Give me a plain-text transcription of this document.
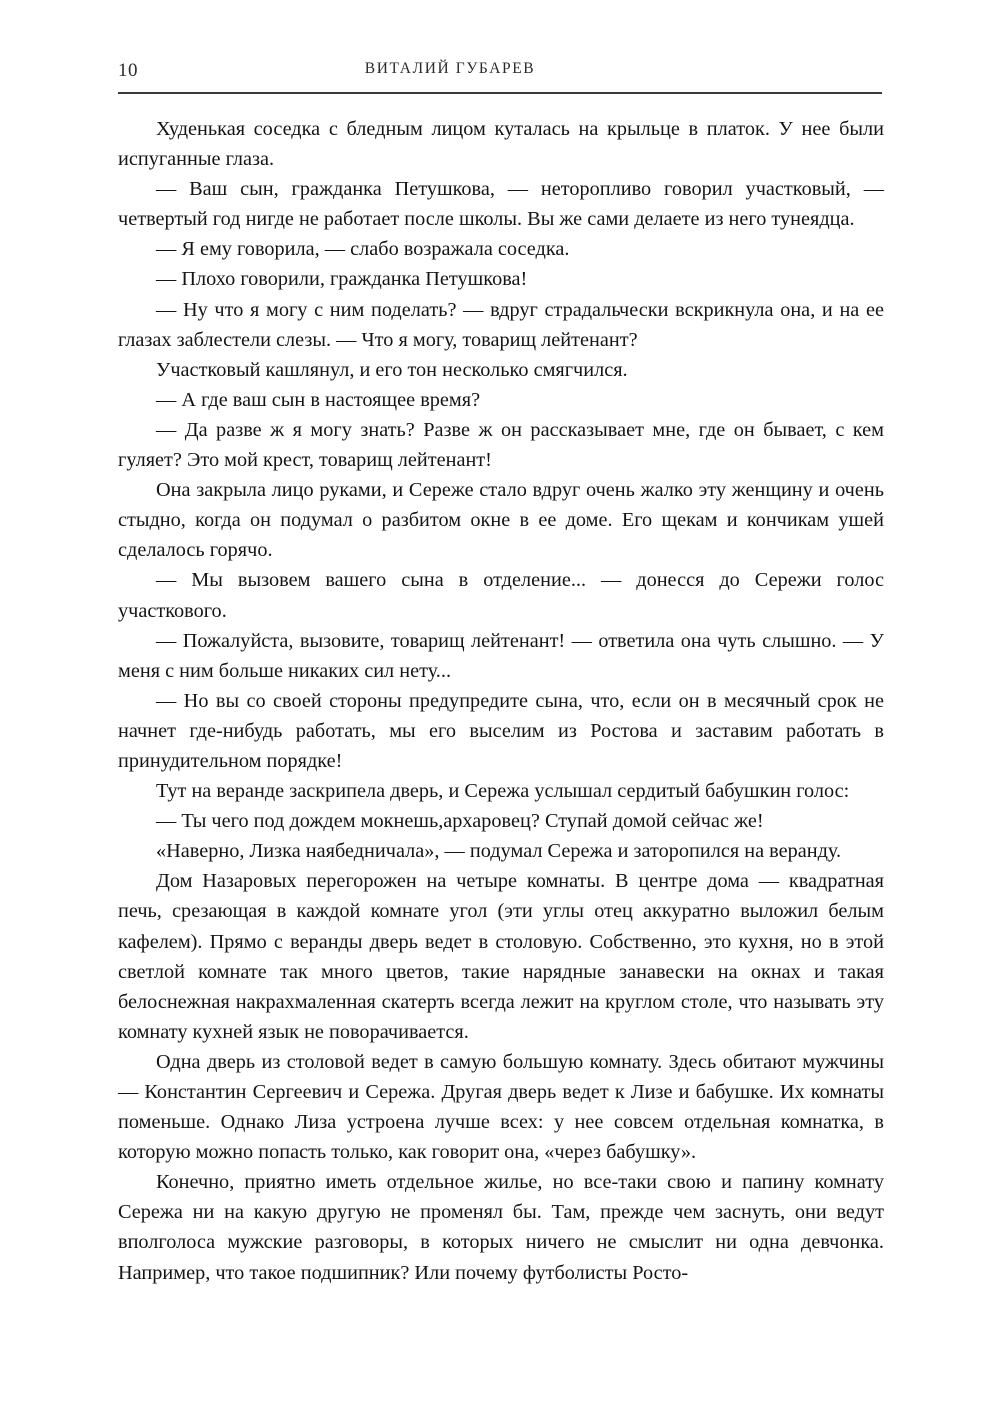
10	ВИТАЛИЙ ГУБАРЕВ

Худенькая соседка с бледным лицом куталась на крыльце в платок. У нее были испуганные глаза.

— Ваш сын, гражданка Петушкова, — неторопливо говорил участковый, — четвертый год нигде не работает после школы. Вы же сами делаете из него тунеядца.

— Я ему говорила, — слабо возражала соседка.

— Плохо говорили, гражданка Петушкова!

— Ну что я могу с ним поделать? — вдруг страдальчески вскрикнула она, и на ее глазах заблестели слезы. — Что я могу, товарищ лейтенант?

Участковый кашлянул, и его тон несколько смягчился.

— А где ваш сын в настоящее время?

— Да разве ж я могу знать? Разве ж он рассказывает мне, где он бывает, с кем гуляет? Это мой крест, товарищ лейтенант!

Она закрыла лицо руками, и Сереже стало вдруг очень жалко эту женщину и очень стыдно, когда он подумал о разбитом окне в ее доме. Его щекам и кончикам ушей сделалось горячо.

— Мы вызовем вашего сына в отделение... — донесся до Сережи голос участкового.

— Пожалуйста, вызовите, товарищ лейтенант! — ответила она чуть слышно. — У меня с ним больше никаких сил нету...

— Но вы со своей стороны предупредите сына, что, если он в месячный срок не начнет где-нибудь работать, мы его выселим из Ростова и заставим работать в принудительном порядке!

Тут на веранде заскрипела дверь, и Сережа услышал сердитый бабушкин голос:

— Ты чего под дождем мокнешь,архаровец? Ступай домой сейчас же!

«Наверно, Лизка наябедничала», — подумал Сережа и заторопился на веранду.

Дом Назаровых перегорожен на четыре комнаты. В центре дома — квадратная печь, срезающая в каждой комнате угол (эти углы отец аккуратно выложил белым кафелем). Прямо с веранды дверь ведет в столовую. Собственно, это кухня, но в этой светлой комнате так много цветов, такие нарядные занавески на окнах и такая белоснежная накрахмаленная скатерть всегда лежит на круглом столе, что называть эту комнату кухней язык не поворачивается.

Одна дверь из столовой ведет в самую большую комнату. Здесь обитают мужчины — Константин Сергеевич и Сережа. Другая дверь ведет к Лизе и бабушке. Их комнаты поменьше. Однако Лиза устроена лучше всех: у нее совсем отдельная комнатка, в которую можно попасть только, как говорит она, «через бабушку».

Конечно, приятно иметь отдельное жилье, но все-таки свою и папину комнату Сережа ни на какую другую не променял бы. Там, прежде чем заснуть, они ведут вполголоса мужские разговоры, в которых ничего не смыслит ни одна девчонка. Например, что такое подшипник? Или почему футболисты Росто-
